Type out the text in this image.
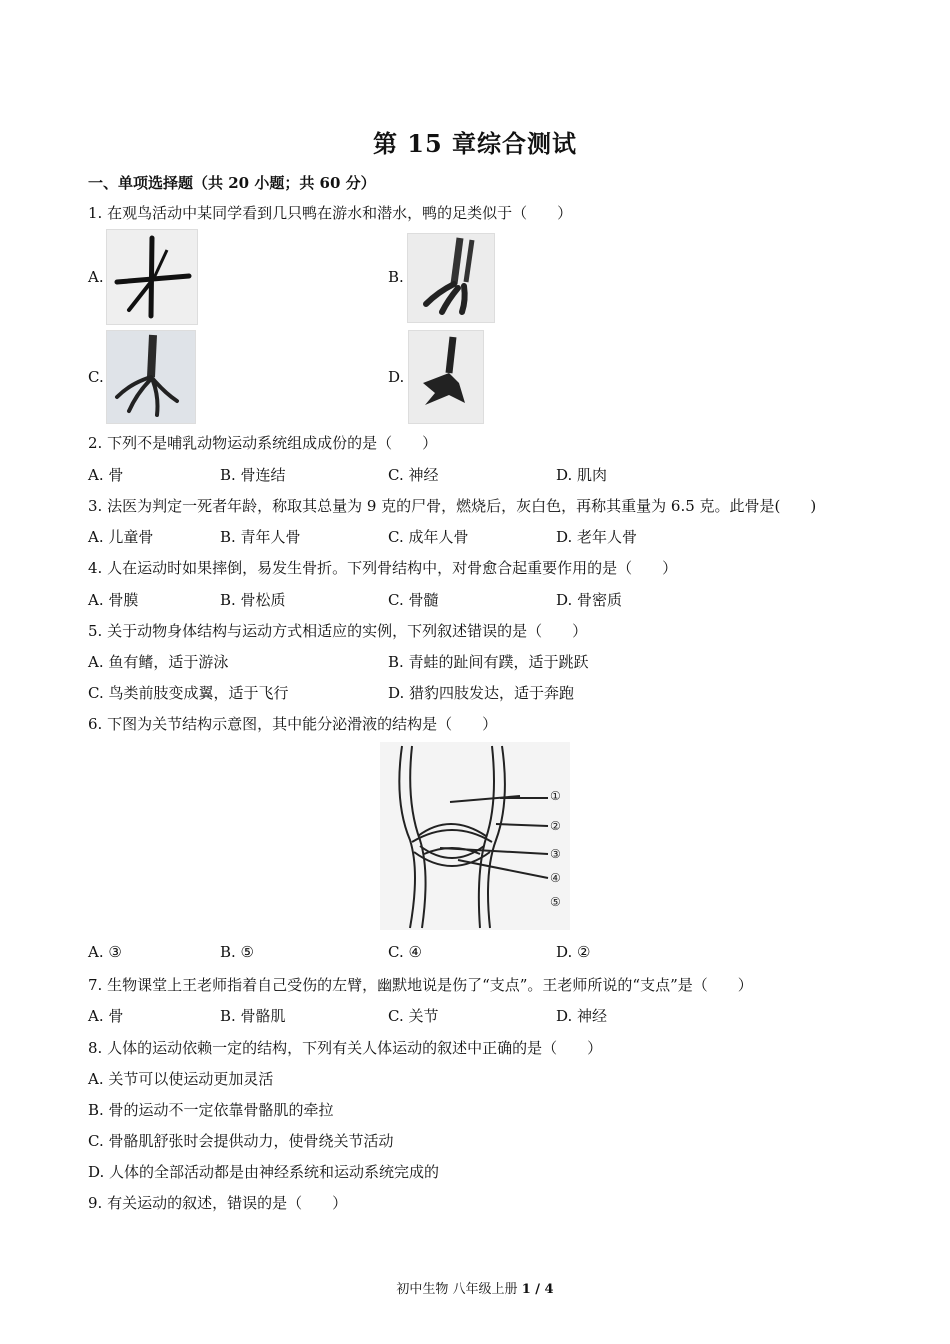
第 15 章综合测试
一、单项选择题（共 20 小题；共 60 分）
1. 在观鸟活动中某同学看到几只鸭在游水和潜水，鸭的足类似于（　　）
A.	B.
C.	D.
2. 下列不是哺乳动物运动系统组成成份的是（　　）
A. 骨	B. 骨连结	C. 神经	D. 肌肉
3. 法医为判定一死者年龄，称取其总量为 9 克的尸骨，燃烧后，灰白色，再称其重量为 6.5 克。此骨是(　　)
A. 儿童骨	B. 青年人骨	C. 成年人骨	D. 老年人骨
4. 人在运动时如果摔倒，易发生骨折。下列骨结构中，对骨愈合起重要作用的是（　　）
A. 骨膜	B. 骨松质	C. 骨髓	D. 骨密质
5. 关于动物身体结构与运动方式相适应的实例，下列叙述错误的是（　　）
A. 鱼有鳍，适于游泳	B. 青蛙的趾间有蹼，适于跳跃
C. 鸟类前肢变成翼，适于飞行	D. 猎豹四肢发达，适于奔跑
6. 下图为关节结构示意图，其中能分泌滑液的结构是（　　）
①
②
③
④
⑤
A. ③	B. ⑤	C. ④	D. ②
7. 生物课堂上王老师指着自己受伤的左臂，幽默地说是伤了“支点”。王老师所说的“支点”是（　　）
A. 骨	B. 骨骼肌	C. 关节	D. 神经
8. 人体的运动依赖一定的结构，下列有关人体运动的叙述中正确的是（　　）
A. 关节可以使运动更加灵活
B. 骨的运动不一定依靠骨骼肌的牵拉
C. 骨骼肌舒张时会提供动力，使骨绕关节活动
D. 人体的全部活动都是由神经系统和运动系统完成的
9. 有关运动的叙述，错误的是（　　）
初中生物 八年级上册 1 / 4
